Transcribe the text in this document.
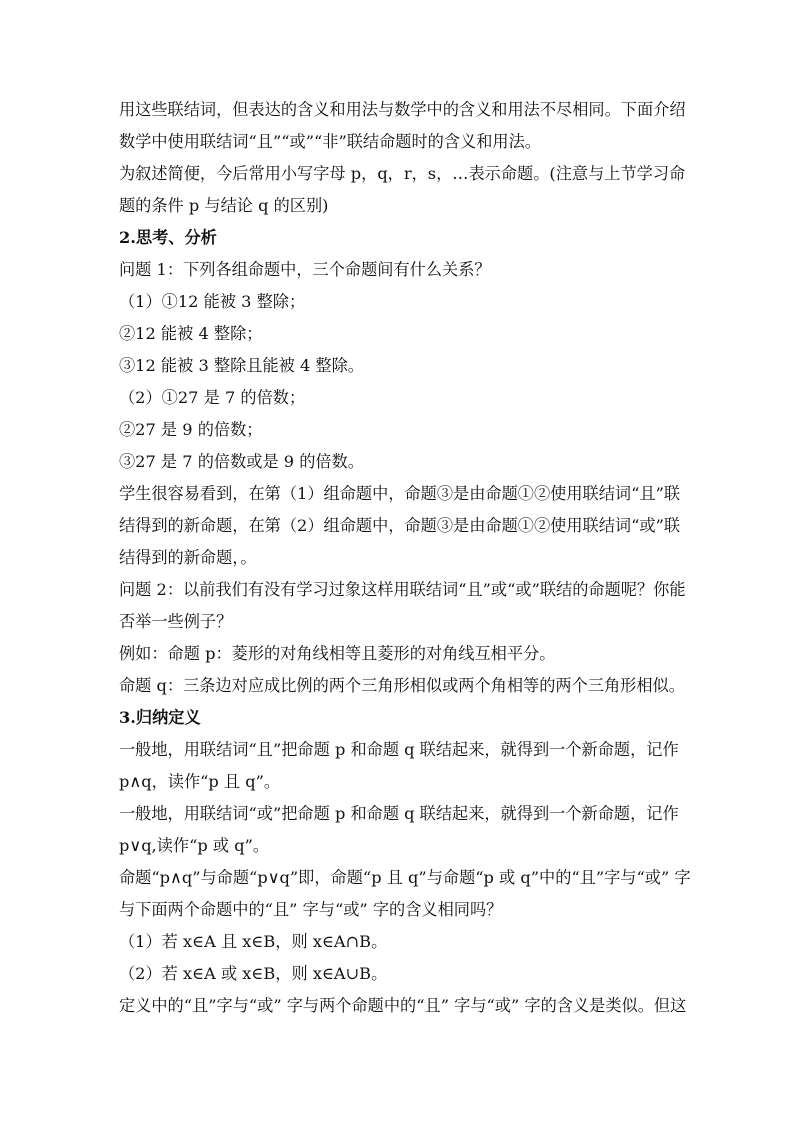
用这些联结词，但表达的含义和用法与数学中的含义和用法不尽相同。下面介绍
数学中使用联结词“且”“或”“非”联结命题时的含义和用法。
为叙述简便，今后常用小写字母 p，q，r，s，…表示命题。(注意与上节学习命
题的条件 p 与结论 q 的区别)
2.思考、分析
问题 1：下列各组命题中，三个命题间有什么关系？
（1）①12 能被 3 整除；
②12 能被 4 整除；
③12 能被 3 整除且能被 4 整除。
（2）①27 是 7 的倍数；
②27 是 9 的倍数；
③27 是 7 的倍数或是 9 的倍数。
学生很容易看到，在第（1）组命题中，命题③是由命题①②使用联结词“且”联
结得到的新命题，在第（2）组命题中，命题③是由命题①②使用联结词“或”联
结得到的新命题，。
问题 2：以前我们有没有学习过象这样用联结词“且”或“或”联结的命题呢？你能
否举一些例子？
例如：命题 p：菱形的对角线相等且菱形的对角线互相平分。
命题 q：三条边对应成比例的两个三角形相似或两个角相等的两个三角形相似。
3.归纳定义
一般地，用联结词“且”把命题 p 和命题 q 联结起来，就得到一个新命题，记作
p∧q，读作“p 且 q”。
一般地，用联结词“或”把命题 p 和命题 q 联结起来，就得到一个新命题，记作
p∨q,读作“p 或 q”。
命题“p∧q”与命题“p∨q”即，命题“p 且 q”与命题“p 或 q”中的“且”字与“或” 字
与下面两个命题中的“且” 字与“或” 字的含义相同吗？
（1）若 x∈A 且 x∈B，则 x∈A∩B。
（2）若 x∈A 或 x∈B，则 x∈A∪B。
定义中的“且”字与“或” 字与两个命题中的“且” 字与“或” 字的含义是类似。但这
